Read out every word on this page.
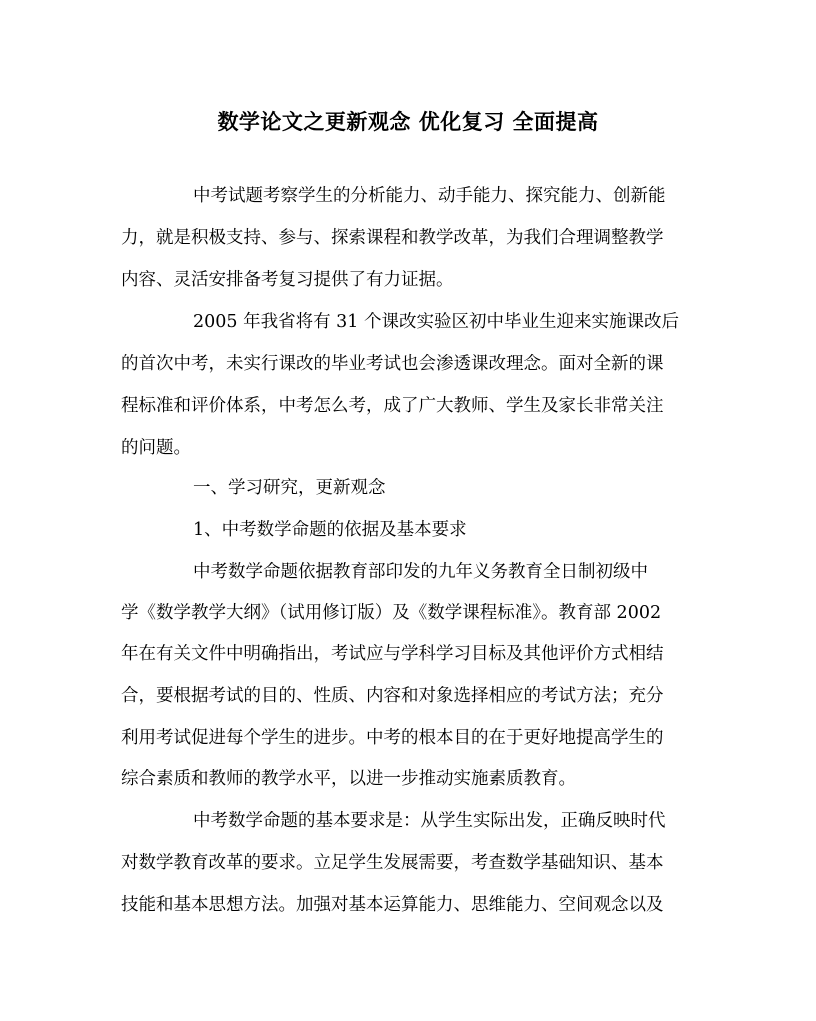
数学论文之更新观念 优化复习 全面提高
中考试题考察学生的分析能力、动手能力、探究能力、创新能
力，就是积极支持、参与、探索课程和教学改革，为我们合理调整教学
内容、灵活安排备考复习提供了有力证据。
2005 年我省将有 31 个课改实验区初中毕业生迎来实施课改后
的首次中考，未实行课改的毕业考试也会渗透课改理念。面对全新的课
程标准和评价体系，中考怎么考，成了广大教师、学生及家长非常关注
的问题。
一、学习研究，更新观念
1、中考数学命题的依据及基本要求
中考数学命题依据教育部印发的九年义务教育全日制初级中
学《数学教学大纲》（试用修订版）及《数学课程标准》。教育部 2002
年在有关文件中明确指出，考试应与学科学习目标及其他评价方式相结
合，要根据考试的目的、性质、内容和对象选择相应的考试方法；充分
利用考试促进每个学生的进步。中考的根本目的在于更好地提高学生的
综合素质和教师的教学水平，以进一步推动实施素质教育。
中考数学命题的基本要求是：从学生实际出发，正确反映时代
对数学教育改革的要求。立足学生发展需要，考查数学基础知识、基本
技能和基本思想方法。加强对基本运算能力、思维能力、空间观念以及
